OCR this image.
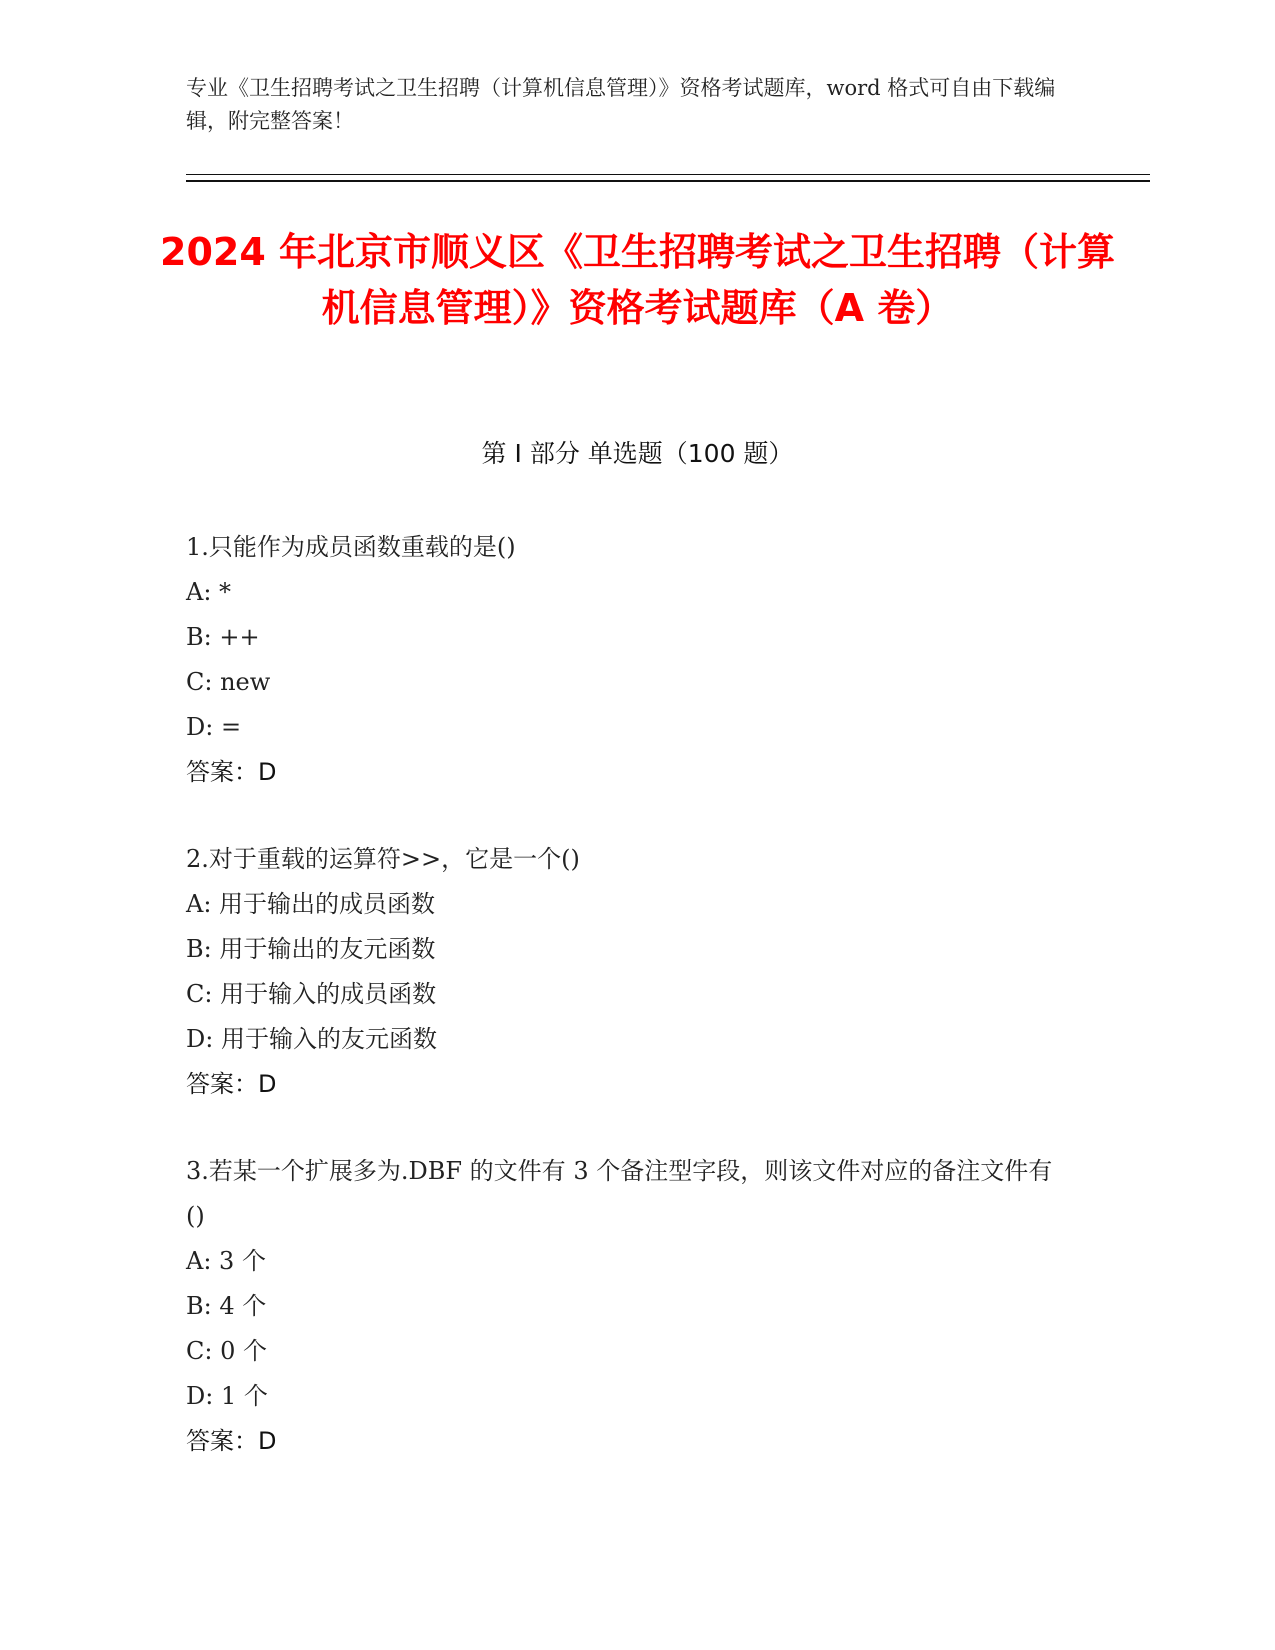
专业《卫生招聘考试之卫生招聘（计算机信息管理）》资格考试题库，word 格式可自由下载编辑，附完整答案！
2024 年北京市顺义区《卫生招聘考试之卫生招聘（计算机信息管理）》资格考试题库（A 卷）
第 I 部分 单选题（100 题）
1.只能作为成员函数重载的是()
A: *
B: ++
C: new
D: =
答案：D
2.对于重载的运算符>>，它是一个()
A: 用于输出的成员函数
B: 用于输出的友元函数
C: 用于输入的成员函数
D: 用于输入的友元函数
答案：D
3.若某一个扩展多为.DBF 的文件有 3 个备注型字段，则该文件对应的备注文件有()
A: 3 个
B: 4 个
C: 0 个
D: 1 个
答案：D
